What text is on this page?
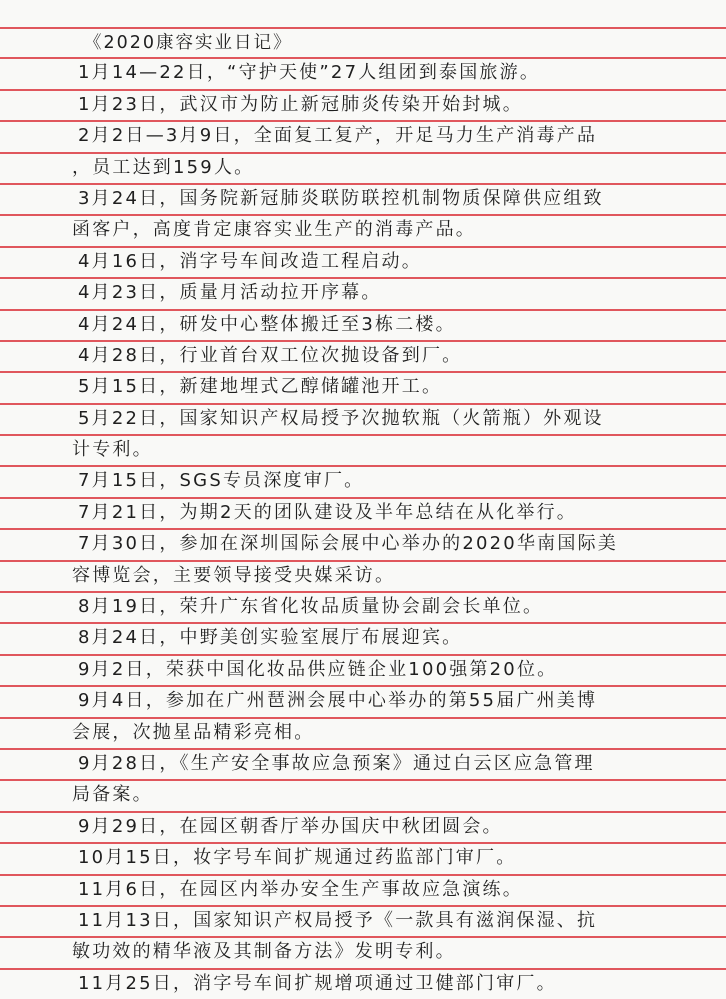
《2020康容实业日记》
1月14—22日，“守护天使”27人组团到泰国旅游。
1月23日，武汉市为防止新冠肺炎传染开始封城。
2月2日—3月9日，全面复工复产，开足马力生产消毒产品
，员工达到159人。
3月24日，国务院新冠肺炎联防联控机制物质保障供应组致
函客户，高度肯定康容实业生产的消毒产品。
4月16日，消字号车间改造工程启动。
4月23日，质量月活动拉开序幕。
4月24日，研发中心整体搬迁至3栋二楼。
4月28日，行业首台双工位次抛设备到厂。
5月15日，新建地埋式乙醇储罐池开工。
5月22日，国家知识产权局授予次抛软瓶（火箭瓶）外观设
计专利。
7月15日，SGS专员深度审厂。
7月21日，为期2天的团队建设及半年总结在从化举行。
7月30日，参加在深圳国际会展中心举办的2020华南国际美
容博览会，主要领导接受央媒采访。
8月19日，荣升广东省化妆品质量协会副会长单位。
8月24日，中野美创实验室展厅布展迎宾。
9月2日，荣获中国化妆品供应链企业100强第20位。
9月4日，参加在广州琶洲会展中心举办的第55届广州美博
会展，次抛星品精彩亮相。
9月28日，《生产安全事故应急预案》通过白云区应急管理
局备案。
9月29日，在园区朝香厅举办国庆中秋团圆会。
10月15日，妆字号车间扩规通过药监部门审厂。
11月6日，在园区内举办安全生产事故应急演练。
11月13日，国家知识产权局授予《一款具有滋润保湿、抗
敏功效的精华液及其制备方法》发明专利。
11月25日，消字号车间扩规增项通过卫健部门审厂。
